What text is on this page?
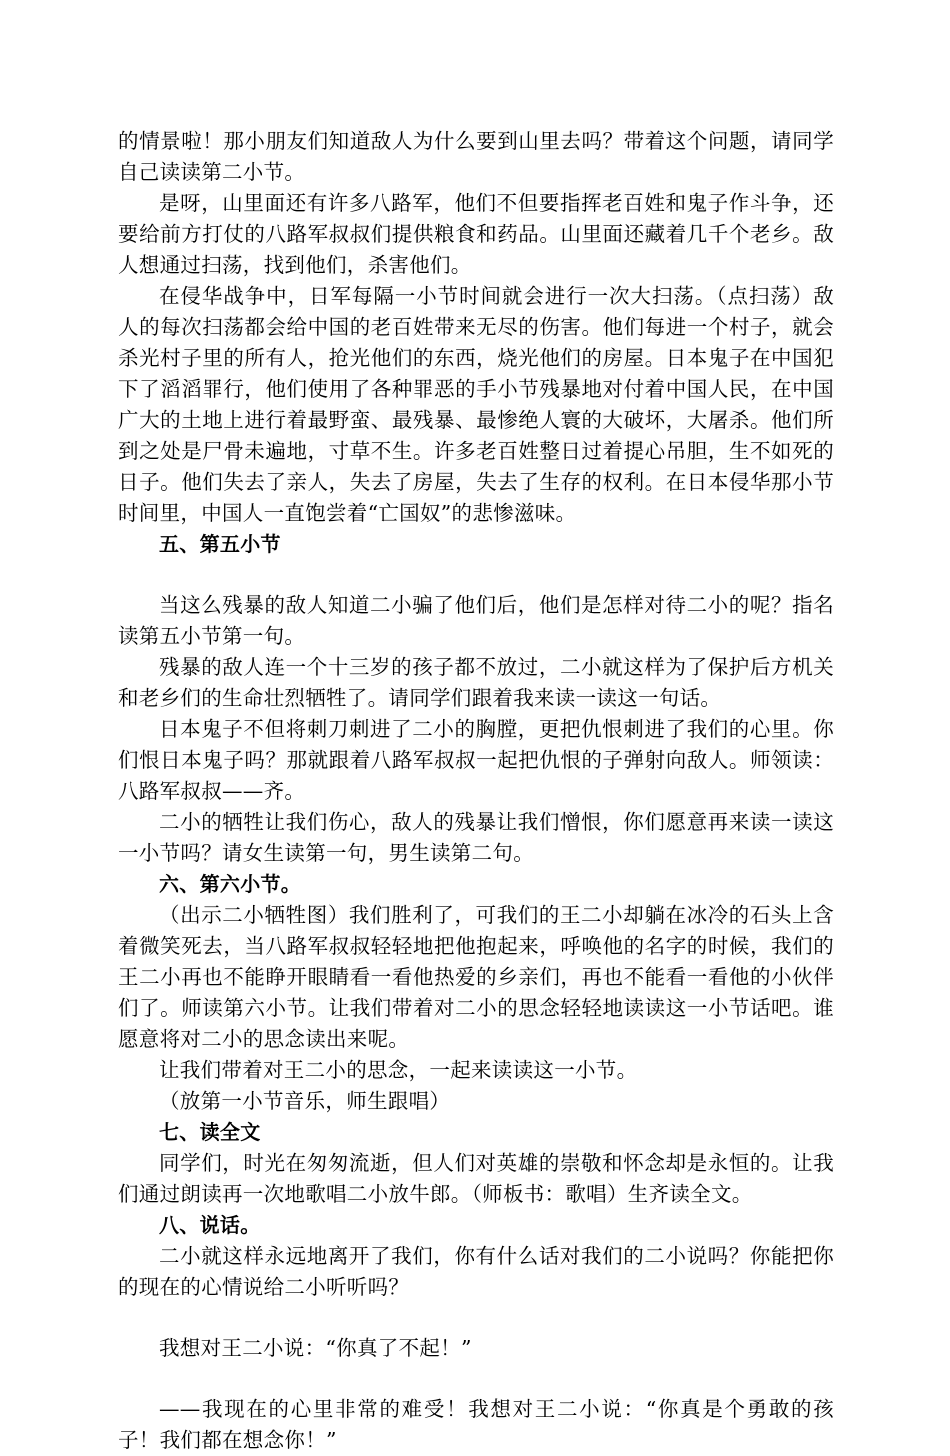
的情景啦！那小朋友们知道敌人为什么要到山里去吗？带着这个问题，请同学自己读读第二小节。

是呀，山里面还有许多八路军，他们不但要指挥老百姓和鬼子作斗争，还要给前方打仗的八路军叔叔们提供粮食和药品。山里面还藏着几千个老乡。敌人想通过扫荡，找到他们，杀害他们。

在侵华战争中，日军每隔一小节时间就会进行一次大扫荡。（点扫荡）敌人的每次扫荡都会给中国的老百姓带来无尽的伤害。他们每进一个村子，就会杀光村子里的所有人，抢光他们的东西，烧光他们的房屋。日本鬼子在中国犯下了滔滔罪行，他们使用了各种罪恶的手小节残暴地对付着中国人民，在中国广大的土地上进行着最野蛮、最残暴、最惨绝人寰的大破坏，大屠杀。他们所到之处是尸骨未遍地，寸草不生。许多老百姓整日过着提心吊胆，生不如死的日子。他们失去了亲人，失去了房屋，失去了生存的权利。在日本侵华那小节时间里，中国人一直饱尝着“亡国奴”的悲惨滋味。

五、第五小节

当这么残暴的敌人知道二小骗了他们后，他们是怎样对待二小的呢？指名读第五小节第一句。

残暴的敌人连一个十三岁的孩子都不放过，二小就这样为了保护后方机关和老乡们的生命壮烈牺牲了。请同学们跟着我来读一读这一句话。

日本鬼子不但将刺刀刺进了二小的胸膛，更把仇恨刺进了我们的心里。你们恨日本鬼子吗？那就跟着八路军叔叔一起把仇恨的子弹射向敌人。师领读：八路军叔叔——齐。

二小的牺牲让我们伤心，敌人的残暴让我们憎恨，你们愿意再来读一读这一小节吗？请女生读第一句，男生读第二句。

六、第六小节。

（出示二小牺牲图）我们胜利了，可我们的王二小却躺在冰冷的石头上含着微笑死去，当八路军叔叔轻轻地把他抱起来，呼唤他的名字的时候，我们的王二小再也不能睁开眼睛看一看他热爱的乡亲们，再也不能看一看他的小伙伴们了。师读第六小节。让我们带着对二小的思念轻轻地读读这一小节话吧。谁愿意将对二小的思念读出来呢。

让我们带着对王二小的思念，一起来读读这一小节。

（放第一小节音乐，师生跟唱）

七、读全文

同学们，时光在匆匆流逝，但人们对英雄的崇敬和怀念却是永恒的。让我们通过朗读再一次地歌唱二小放牛郎。（师板书：歌唱）生齐读全文。

八、说话。

二小就这样永远地离开了我们，你有什么话对我们的二小说吗？你能把你的现在的心情说给二小听听吗？

我想对王二小说：“你真了不起！”

——我现在的心里非常的难受！我想对王二小说：“你真是个勇敢的孩子！我们都在想念你！”
